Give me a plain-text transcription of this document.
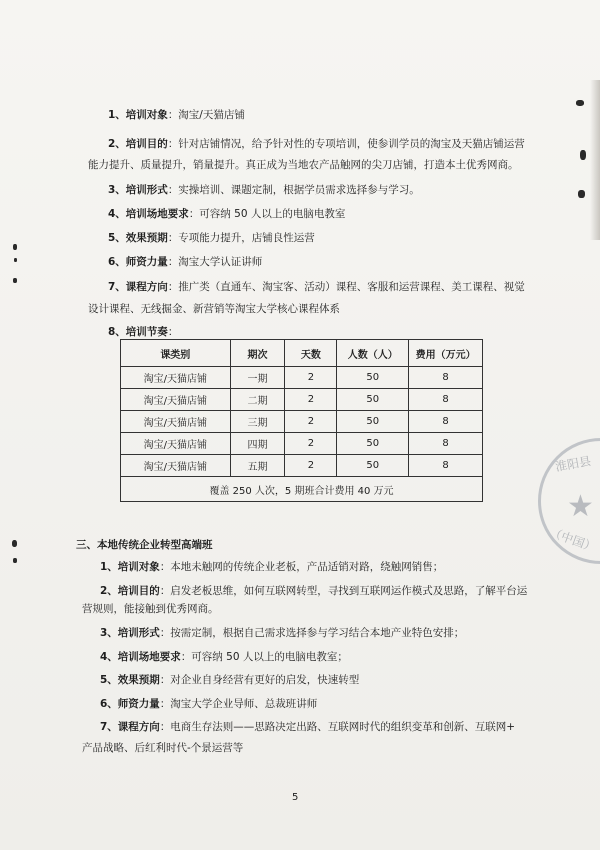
1、培训对象：淘宝/天猫店铺
2、培训目的：针对店铺情况，给予针对性的专项培训，使参训学员的淘宝及天猫店铺运营
能力提升、质量提升，销量提升。真正成为当地农产品触网的尖刀店铺，打造本土优秀网商。
3、培训形式：实操培训、课题定制，根据学员需求选择参与学习。
4、培训场地要求：可容纳 50 人以上的电脑电教室
5、效果预期：专项能力提升，店铺良性运营
6、师资力量：淘宝大学认证讲师
7、课程方向：推广类（直通车、淘宝客、活动）课程、客服和运营课程、美工课程、视觉
设计课程、无线掘金、新营销等淘宝大学核心课程体系
8、培训节奏：
课类别	期次	天数	人数（人）	费用（万元）
淘宝/天猫店铺	一期	2	50	8
淘宝/天猫店铺	二期	2	50	8
淘宝/天猫店铺	三期	2	50	8
淘宝/天猫店铺	四期	2	50	8
淘宝/天猫店铺	五期	2	50	8
覆盖 250 人次，5 期班合计费用 40 万元				
三、本地传统企业转型高端班
1、培训对象：本地未触网的传统企业老板，产品适销对路，绕触网销售；
2、培训目的：启发老板思维，如何互联网转型，寻找到互联网运作模式及思路，了解平台运
营规则，能接触到优秀网商。
3、培训形式：按需定制，根据自己需求选择参与学习结合本地产业特色安排；
4、培训场地要求：可容纳 50 人以上的电脑电教室；
5、效果预期：对企业自身经营有更好的启发，快速转型
6、师资力量：淘宝大学企业导师、总裁班讲师
7、课程方向：电商生存法则——思路决定出路、互联网时代的组织变革和创新、互联网+
产品战略、后红利时代-个景运营等
5
淮阳县
★
（中国）
